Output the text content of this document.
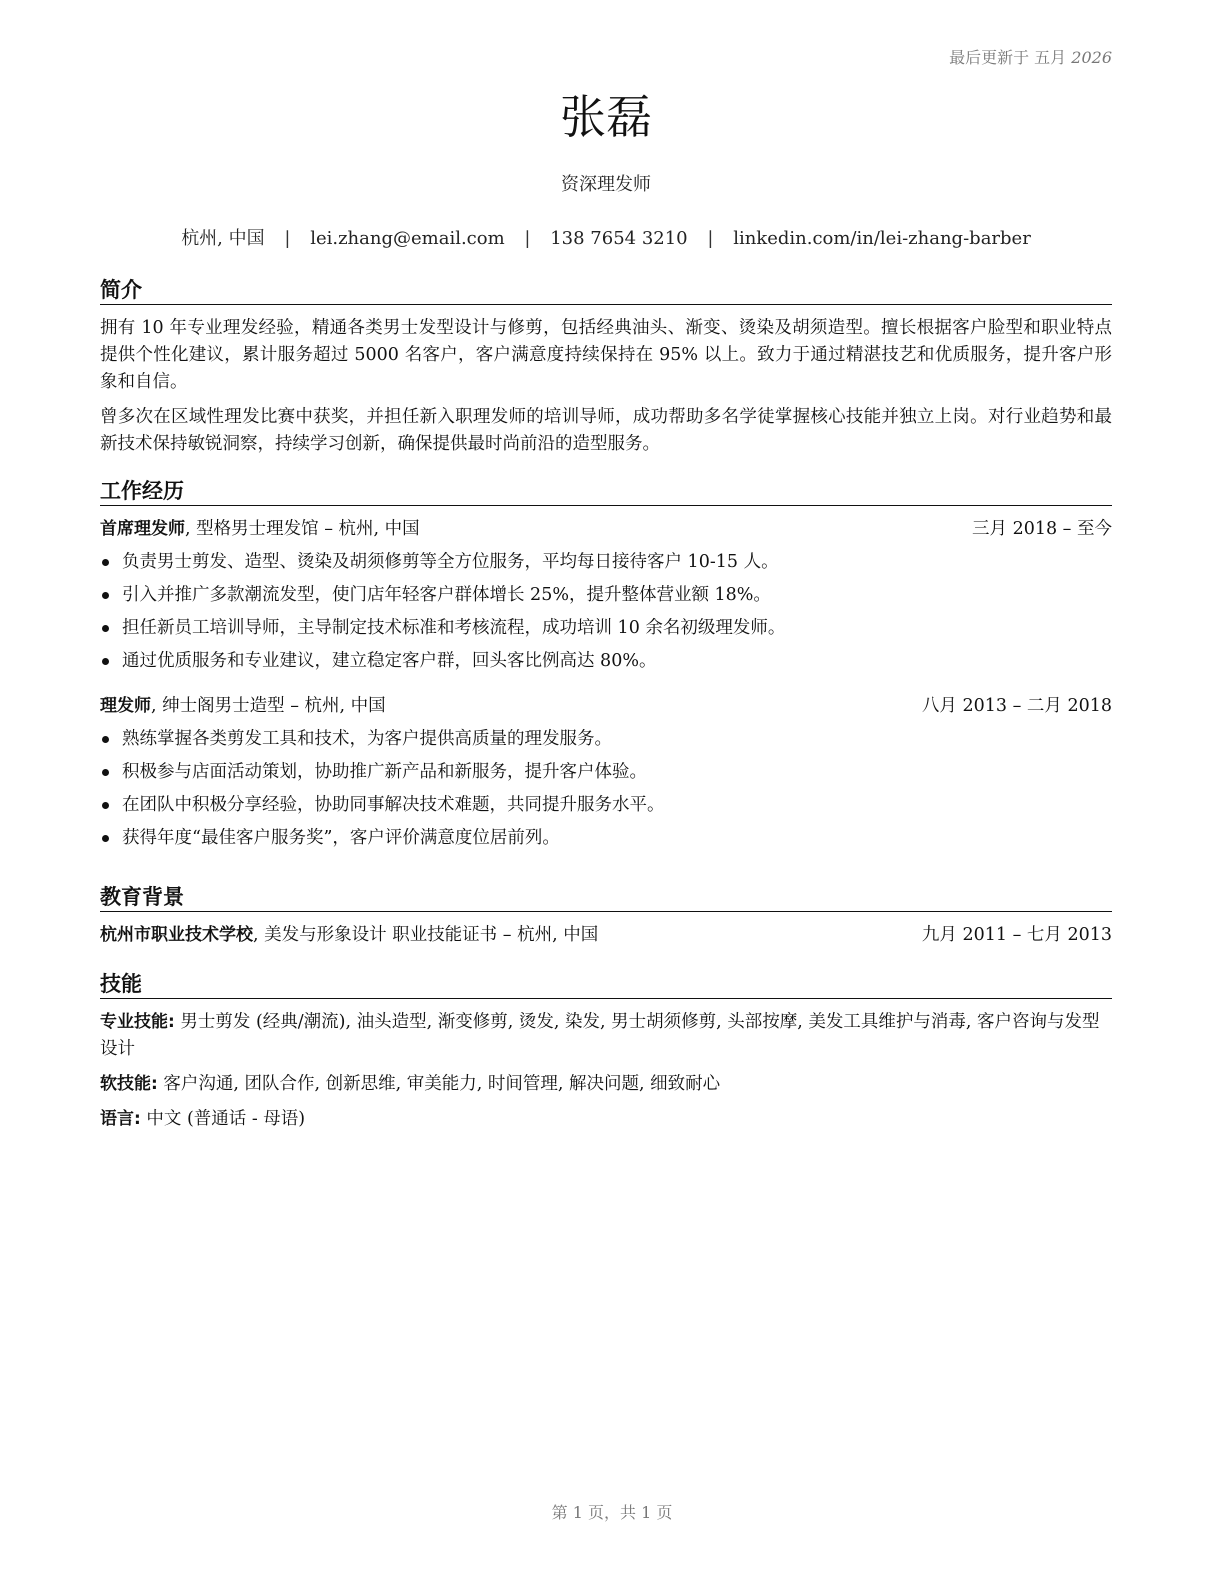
最后更新于 五月 2026
张磊
资深理发师
杭州, 中国 | lei.zhang@email.com | 138 7654 3210 | linkedin.com/in/lei-zhang-barber
简介

拥有 10 年专业理发经验，精通各类男士发型设计与修剪，包括经典油头、渐变、烫染及胡须造型。擅长根据客户脸型和职业特点提供个性化建议，累计服务超过 5000 名客户，客户满意度持续保持在 95% 以上。致力于通过精湛技艺和优质服务，提升客户形象和自信。

曾多次在区域性理发比赛中获奖，并担任新入职理发师的培训导师，成功帮助多名学徒掌握核心技能并独立上岗。对行业趋势和最新技术保持敏锐洞察，持续学习创新，确保提供最时尚前沿的造型服务。

工作经历
首席理发师, 型格男士理发馆 – 杭州, 中国	三月 2018 – 至今
负责男士剪发、造型、烫染及胡须修剪等全方位服务，平均每日接待客户 10-15 人。
引入并推广多款潮流发型，使门店年轻客户群体增长 25%，提升整体营业额 18%。
担任新员工培训导师，主导制定技术标准和考核流程，成功培训 10 余名初级理发师。
通过优质服务和专业建议，建立稳定客户群，回头客比例高达 80%。
理发师, 绅士阁男士造型 – 杭州, 中国	八月 2013 – 二月 2018
熟练掌握各类剪发工具和技术，为客户提供高质量的理发服务。
积极参与店面活动策划，协助推广新产品和新服务，提升客户体验。
在团队中积极分享经验，协助同事解决技术难题，共同提升服务水平。
获得年度“最佳客户服务奖”，客户评价满意度位居前列。
教育背景
杭州市职业技术学校, 美发与形象设计 职业技能证书 – 杭州, 中国	九月 2011 – 七月 2013
技能

专业技能: 男士剪发 (经典/潮流), 油头造型, 渐变修剪, 烫发, 染发, 男士胡须修剪, 头部按摩, 美发工具维护与消毒, 客户咨询与发型设计

软技能: 客户沟通, 团队合作, 创新思维, 审美能力, 时间管理, 解决问题, 细致耐心

语言: 中文 (普通话 - 母语)

第 1 页，共 1 页
